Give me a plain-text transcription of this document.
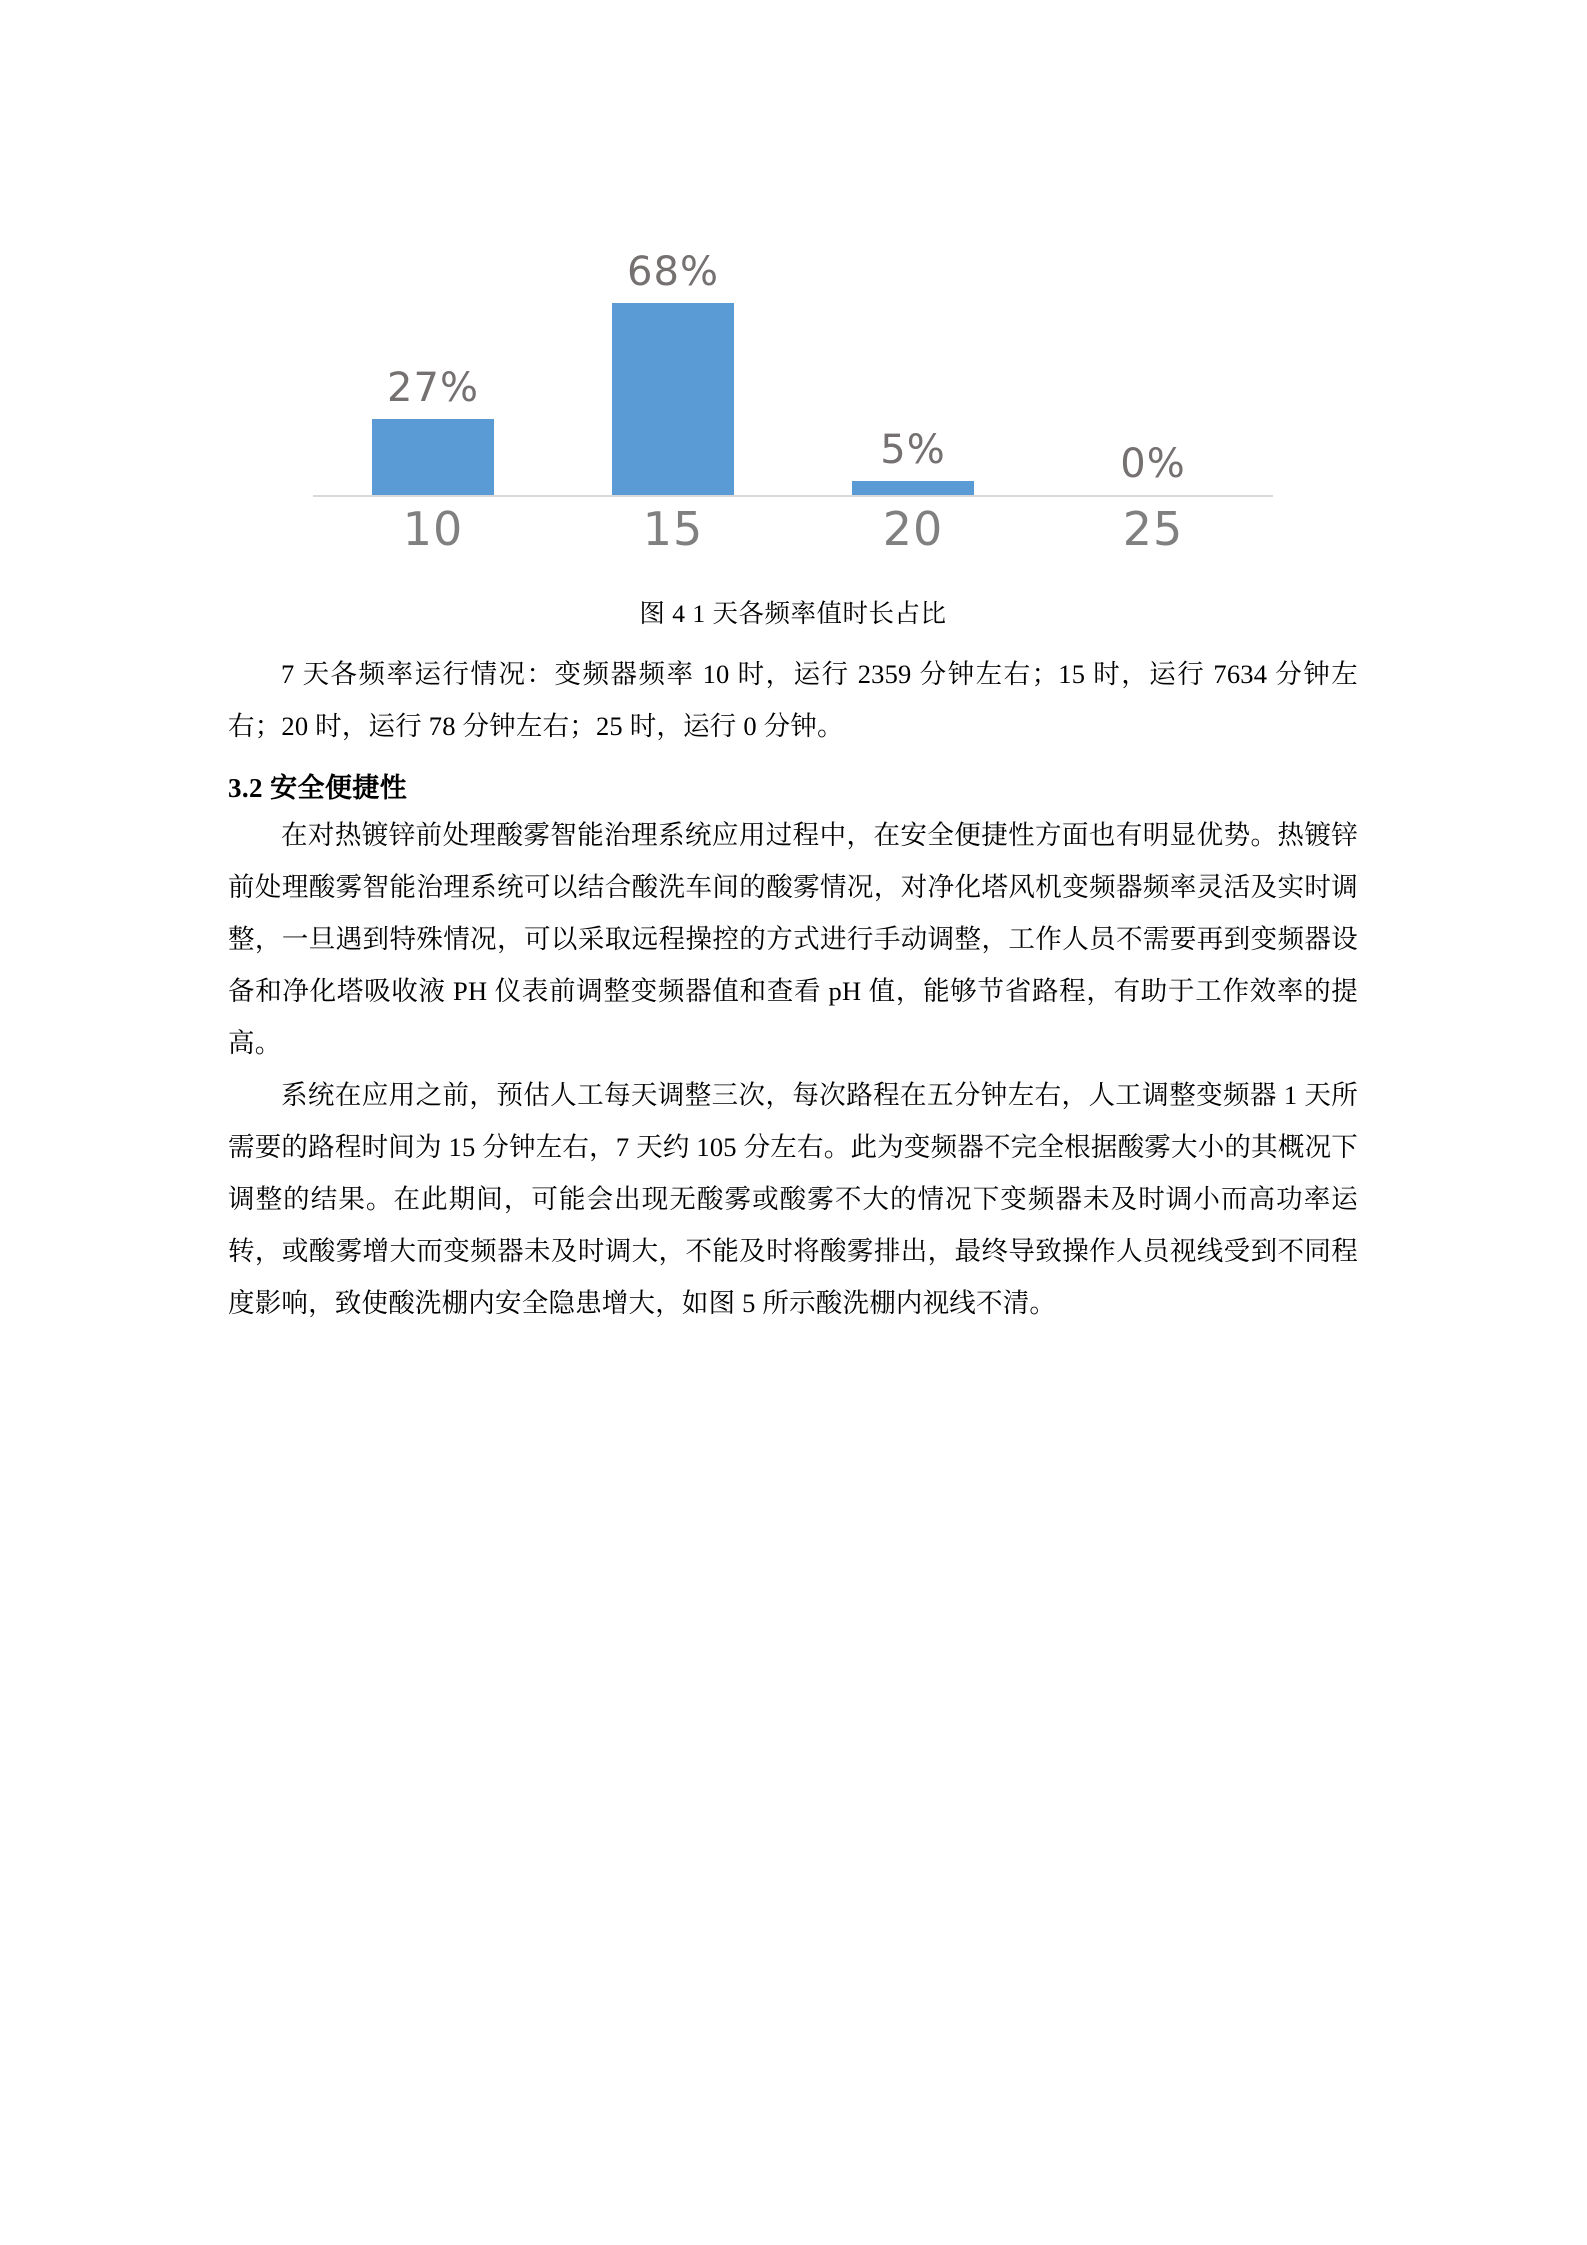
27%
68%
5%	0%
10	15	20	25
图 4 1 天各频率值时长占比

7 天各频率运行情况：变频器频率 10 时，运行 2359 分钟左右；15 时，运行 7634 分钟左右；20 时，运行 78 分钟左右；25 时，运行 0 分钟。

3.2 安全便捷性

在对热镀锌前处理酸雾智能治理系统应用过程中，在安全便捷性方面也有明显优势。热镀锌前处理酸雾智能治理系统可以结合酸洗车间的酸雾情况，对净化塔风机变频器频率灵活及实时调整，一旦遇到特殊情况，可以采取远程操控的方式进行手动调整，工作人员不需要再到变频器设备和净化塔吸收液 PH 仪表前调整变频器值和查看 pH 值，能够节省路程，有助于工作效率的提高。

系统在应用之前，预估人工每天调整三次，每次路程在五分钟左右，人工调整变频器 1 天所需要的路程时间为 15 分钟左右，7 天约 105 分左右。此为变频器不完全根据酸雾大小的其概况下调整的结果。在此期间，可能会出现无酸雾或酸雾不大的情况下变频器未及时调小而高功率运转，或酸雾增大而变频器未及时调大，不能及时将酸雾排出，最终导致操作人员视线受到不同程度影响，致使酸洗棚内安全隐患增大，如图 5 所示酸洗棚内视线不清。
